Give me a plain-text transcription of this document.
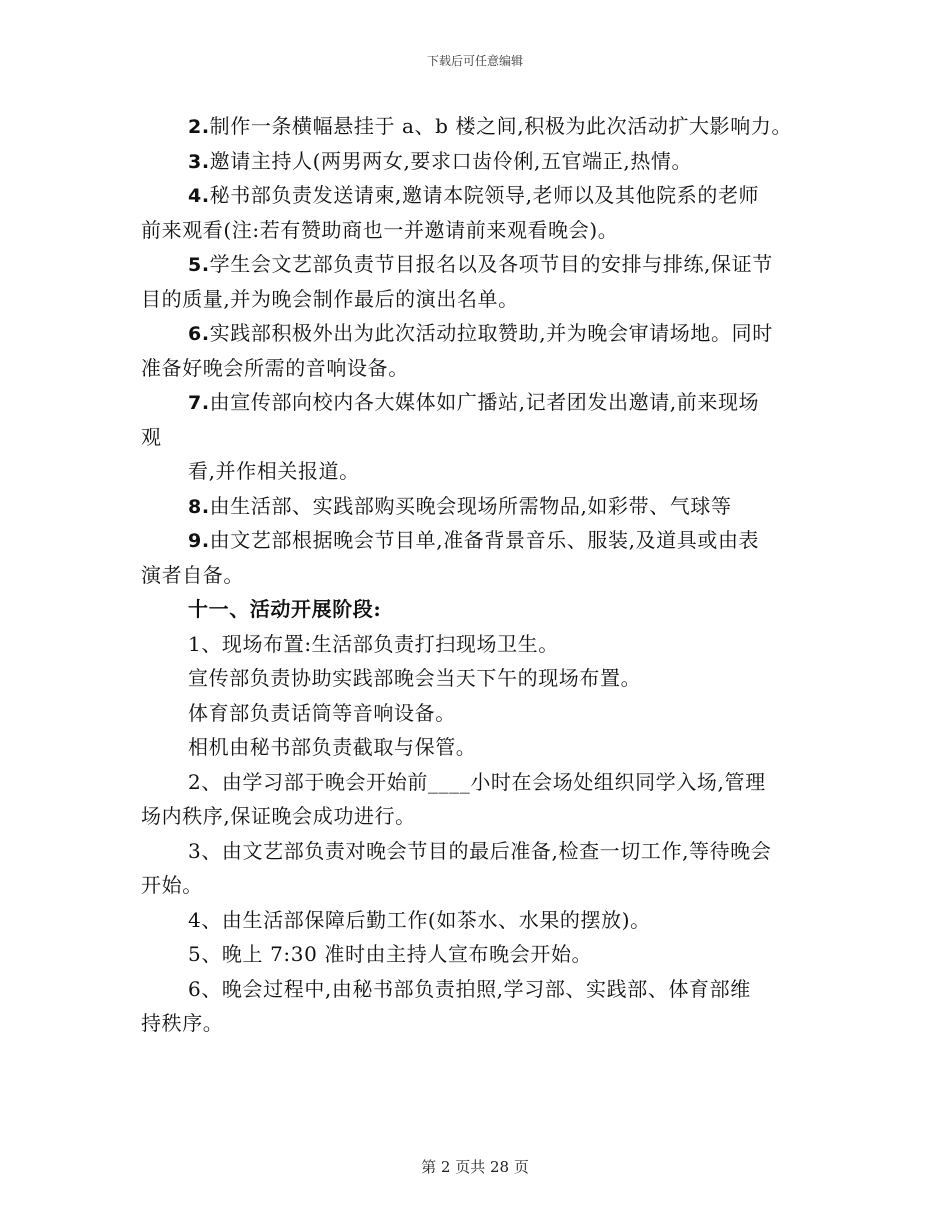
下载后可任意编辑
2.制作一条横幅悬挂于 a、b 楼之间,积极为此次活动扩大影响力。
3.邀请主持人(两男两女,要求口齿伶俐,五官端正,热情。
4.秘书部负责发送请柬,邀请本院领导,老师以及其他院系的老师
前来观看(注:若有赞助商也一并邀请前来观看晚会)。
5.学生会文艺部负责节目报名以及各项节目的安排与排练,保证节
目的质量,并为晚会制作最后的演出名单。
6.实践部积极外出为此次活动拉取赞助,并为晚会审请场地。同时
准备好晚会所需的音响设备。
7.由宣传部向校内各大媒体如广播站,记者团发出邀请,前来现场
观
看,并作相关报道。
8.由生活部、实践部购买晚会现场所需物品,如彩带、气球等
9.由文艺部根据晚会节目单,准备背景音乐、服装,及道具或由表
演者自备。
十一、活动开展阶段:
1、现场布置:生活部负责打扫现场卫生。
宣传部负责协助实践部晚会当天下午的现场布置。
体育部负责话筒等音响设备。
相机由秘书部负责截取与保管。
2、由学习部于晚会开始前____小时在会场处组织同学入场,管理
场内秩序,保证晚会成功进行。
3、由文艺部负责对晚会节目的最后准备,检查一切工作,等待晚会
开始。
4、由生活部保障后勤工作(如茶水、水果的摆放)。
5、晚上 7:30 准时由主持人宣布晚会开始。
6、晚会过程中,由秘书部负责拍照,学习部、实践部、体育部维
持秩序。
第 2 页共 28 页
